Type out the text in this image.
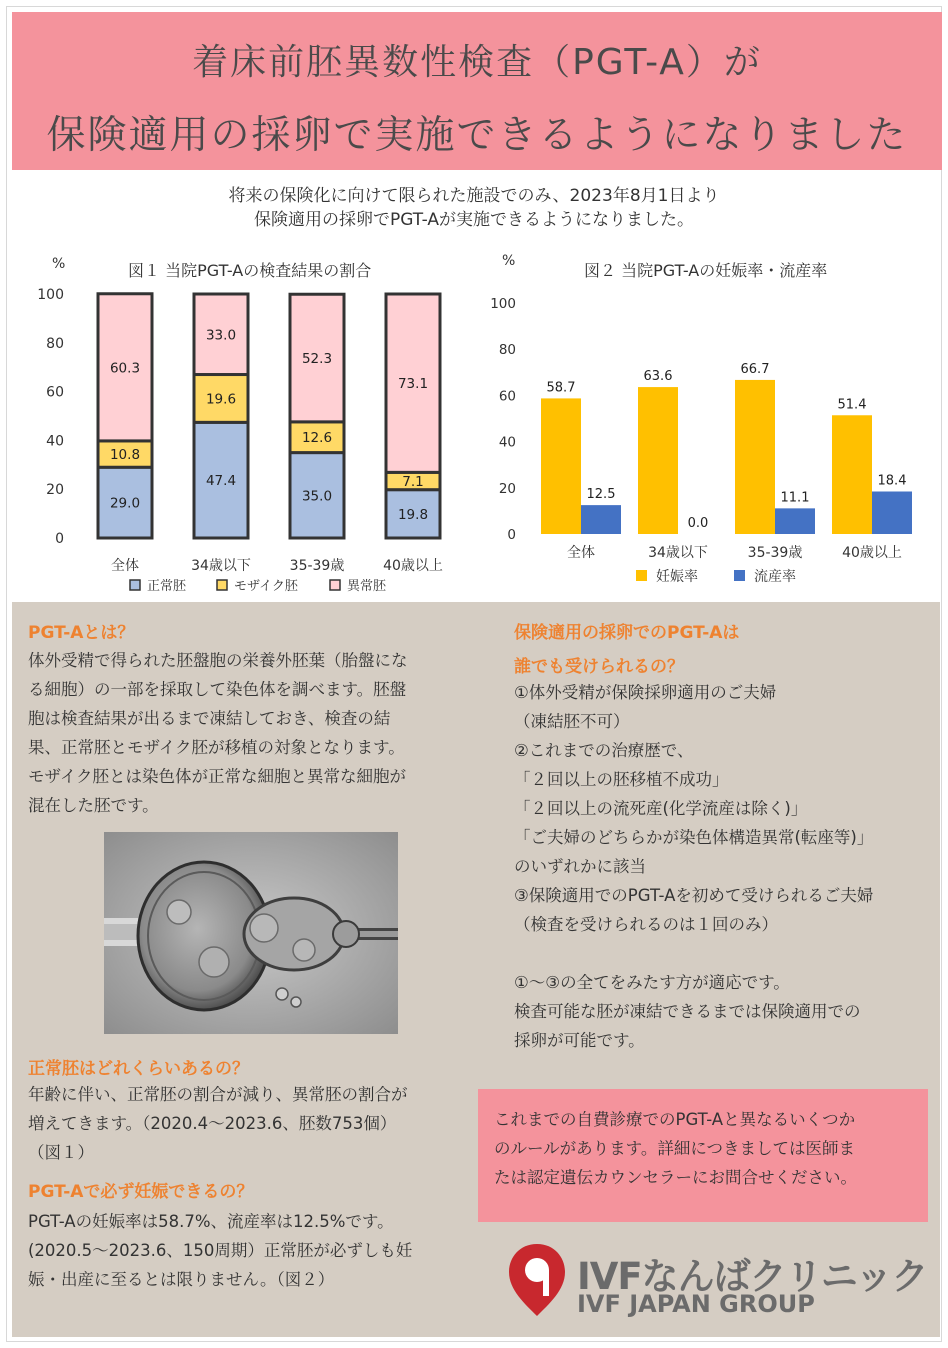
着床前胚異数性検査（PGT-A）が
保険適用の採卵で実施できるようになりました
将来の保険化に向けて限られた施設でのみ、2023年8月1日より
保険適用の採卵でPGT-Aが実施できるようになりました。
図１ 当院PGT-Aの検査結果の割合
%
0
20
40
60
80
100
29.0
10.8
60.3
全体
47.4
19.6
33.0
34歳以下
35.0
12.6
52.3
35-39歳
19.8
7.1
73.1
40歳以上
正常胚	モザイク胚	異常胚
図２ 当院PGT-Aの妊娠率・流産率
%
0
20
40
60
80
100
58.7
12.5
全体
63.6
0.0
34歳以下
66.7
11.1
35-39歳
51.4
18.4
40歳以上
妊娠率	流産率
PGT-Aとは？
体外受精で得られた胚盤胞の栄養外胚葉（胎盤にな
る細胞）の一部を採取して染色体を調べます。胚盤
胞は検査結果が出るまで凍結しておき、検査の結
果、正常胚とモザイク胚が移植の対象となります。
モザイク胚とは染色体が正常な細胞と異常な細胞が
混在した胚です。
正常胚はどれくらいあるの？
年齢に伴い、正常胚の割合が減り、異常胚の割合が
増えてきます。（2020.4～2023.6、胚数753個）
（図１）
PGT-Aで必ず妊娠できるの？
PGT-Aの妊娠率は58.7%、流産率は12.5%です。
(2020.5～2023.6、150周期）正常胚が必ずしも妊
娠・出産に至るとは限りません。（図２）
保険適用の採卵でのPGT-Aは
誰でも受けられるの？
①体外受精が保険採卵適用のご夫婦
（凍結胚不可）
②これまでの治療歴で、
「２回以上の胚移植不成功」
「２回以上の流死産(化学流産は除く)」
「ご夫婦のどちらかが染色体構造異常(転座等)」
のいずれかに該当
③保険適用でのPGT-Aを初めて受けられるご夫婦
（検査を受けられるのは１回のみ）
①～③の全てをみたす方が適応です。
検査可能な胚が凍結できるまでは保険適用での
採卵が可能です。
これまでの自費診療でのPGT-Aと異なるいくつか
のルールがあります。詳細につきましては医師ま
たは認定遺伝カウンセラーにお問合せください。
IVFなんばクリニック
IVF JAPAN GROUP
